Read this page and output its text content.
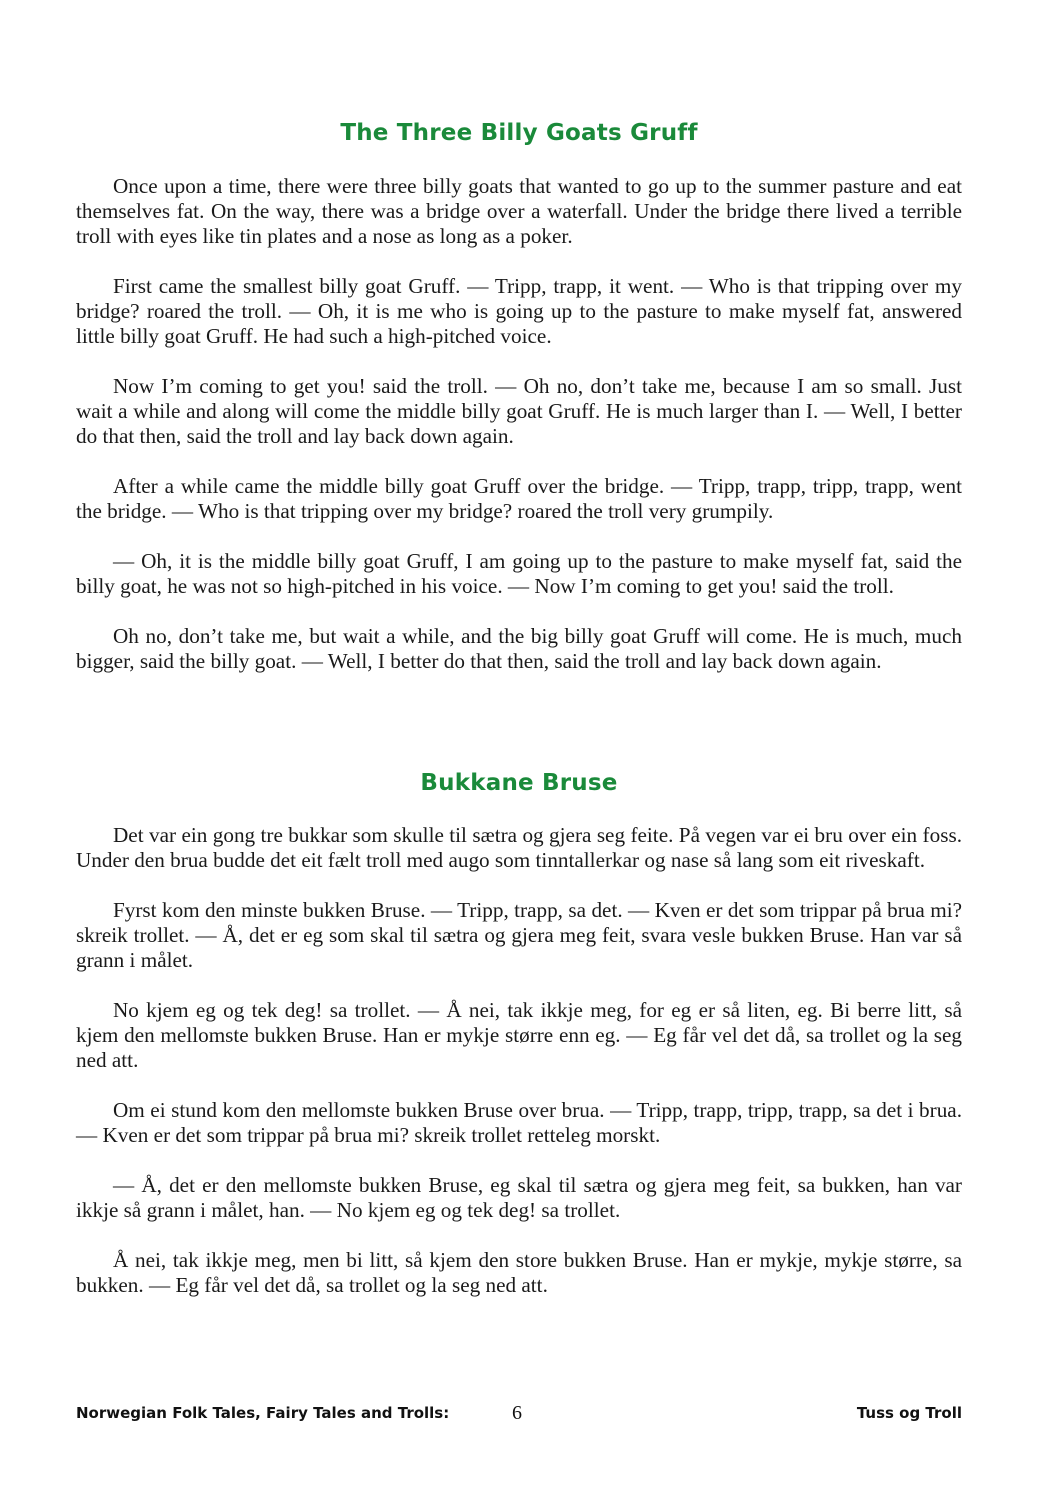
The Three Billy Goats Gruff

Once upon a time, there were three billy goats that wanted to go up to the summer pasture and eat themselves fat. On the way, there was a bridge over a waterfall. Under the bridge there lived a terrible troll with eyes like tin plates and a nose as long as a poker.

First came the smallest billy goat Gruff. — Tripp, trapp, it went. — Who is that tripping over my bridge? roared the troll. — Oh, it is me who is going up to the pasture to make myself fat, answered little billy goat Gruff. He had such a high-pitched voice.

Now I’m coming to get you! said the troll. — Oh no, don’t take me, because I am so small. Just wait a while and along will come the middle billy goat Gruff. He is much larger than I. — Well, I better do that then, said the troll and lay back down again.

After a while came the middle billy goat Gruff over the bridge. — Tripp, trapp, tripp, trapp, went the bridge. — Who is that tripping over my bridge? roared the troll very grumpily.

— Oh, it is the middle billy goat Gruff, I am going up to the pasture to make myself fat, said the billy goat, he was not so high-pitched in his voice. — Now I’m coming to get you! said the troll.

Oh no, don’t take me, but wait a while, and the big billy goat Gruff will come. He is much, much bigger, said the billy goat. — Well, I better do that then, said the troll and lay back down again.

Bukkane Bruse

Det var ein gong tre bukkar som skulle til sætra og gjera seg feite. På vegen var ei bru over ein foss. Under den brua budde det eit fælt troll med augo som tinntallerkar og nase så lang som eit riveskaft.

Fyrst kom den minste bukken Bruse. — Tripp, trapp, sa det. — Kven er det som trippar på brua mi? skreik trollet. — Å, det er eg som skal til sætra og gjera meg feit, svara vesle bukken Bruse. Han var så grann i målet.

No kjem eg og tek deg! sa trollet. — Å nei, tak ikkje meg, for eg er så liten, eg. Bi berre litt, så kjem den mellomste bukken Bruse. Han er mykje større enn eg. — Eg får vel det då, sa trollet og la seg ned att.

Om ei stund kom den mellomste bukken Bruse over brua. — Tripp, trapp, tripp, trapp, sa det i brua. — Kven er det som trippar på brua mi? skreik trollet retteleg morskt.

— Å, det er den mellomste bukken Bruse, eg skal til sætra og gjera meg feit, sa bukken, han var ikkje så grann i målet, han. — No kjem eg og tek deg! sa trollet.

Å nei, tak ikkje meg, men bi litt, så kjem den store bukken Bruse. Han er mykje, mykje større, sa bukken. — Eg får vel det då, sa trollet og la seg ned att.

Norwegian Folk Tales, Fairy Tales and Trolls:	6	Tuss og Troll
